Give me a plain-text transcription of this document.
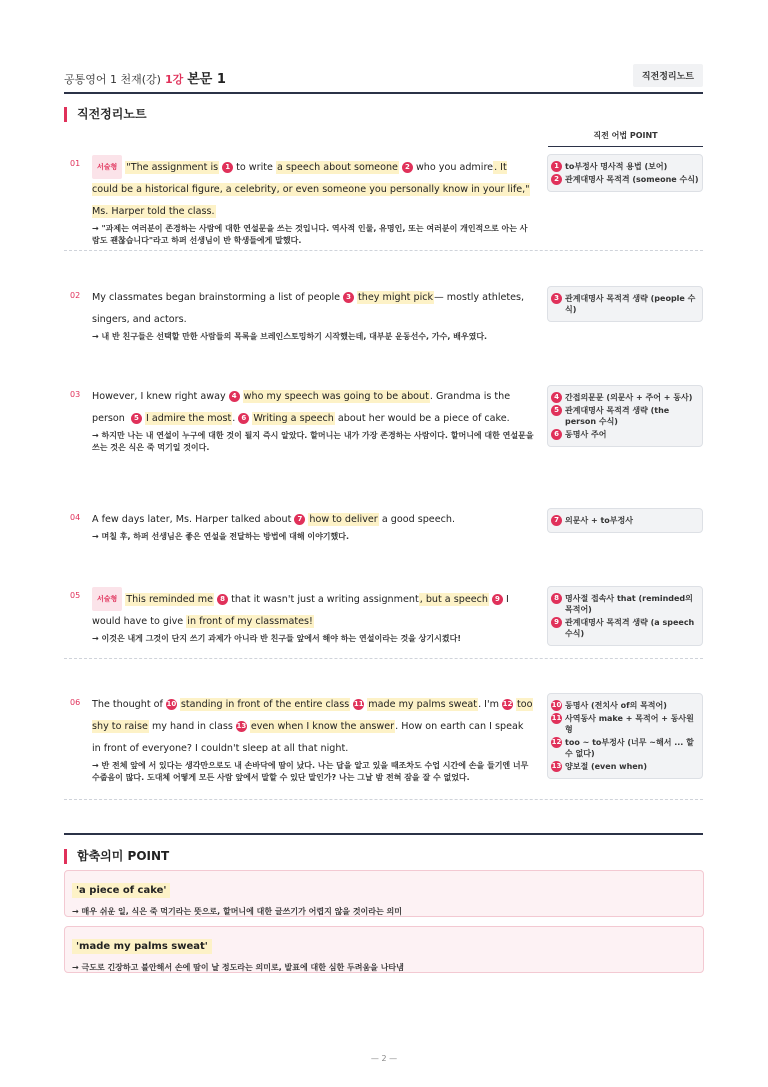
공통영어 1 천재(강) 1강 본문 1	직전정리노트
직전정리노트
직전 어법 POINT
01	서술형 "The assignment is 1 to write a speech about someone 2 who you admire. It could be a historical figure, a celebrity, or even someone you personally know in your life," Ms. Harper told the class.
→ "과제는 여러분이 존경하는 사람에 대한 연설문을 쓰는 것입니다. 역사적 인물, 유명인, 또는 여러분이 개인적으로 아는 사람도 괜찮습니다"라고 하퍼 선생님이 반 학생들에게 말했다.
1 to부정사 명사적 용법 (보어)
2 관계대명사 목적격 (someone 수식)
02 My classmates began brainstorming a list of people 3 they might pick— mostly athletes, singers, and actors.
→ 내 반 친구들은 선택할 만한 사람들의 목록을 브레인스토밍하기 시작했는데, 대부분 운동선수, 가수, 배우였다.
3 관계대명사 목적격 생략 (people 수식)
03 However, I knew right away 4 who my speech was going to be about. Grandma is the person 5 I admire the most. 6 Writing a speech about her would be a piece of cake.
→ 하지만 나는 내 연설이 누구에 대한 것이 될지 즉시 알았다. 할머니는 내가 가장 존경하는 사람이다. 할머니에 대한 연설문을 쓰는 것은 식은 죽 먹기일 것이다.
4 간접의문문 (의문사 + 주어 + 동사)
5 관계대명사 목적격 생략 (the person 수식)
6 동명사 주어
04 A few days later, Ms. Harper talked about 7 how to deliver a good speech.
→ 며칠 후, 하퍼 선생님은 좋은 연설을 전달하는 방법에 대해 이야기했다.
7 의문사 + to부정사
05	서술형 This reminded me 8 that it wasn't just a writing assignment, but a speech 9 I would have to give in front of my classmates!
→ 이것은 내게 그것이 단지 쓰기 과제가 아니라 반 친구들 앞에서 해야 하는 연설이라는 것을 상기시켰다!
8 명사절 접속사 that (reminded의 목적어)
9 관계대명사 목적격 생략 (a speech 수식)
06 The thought of 10 standing in front of the entire class 11 made my palms sweat. I'm 12 too shy to raise my hand in class 13 even when I know the answer. How on earth can I speak in front of everyone? I couldn't sleep at all that night.
→ 반 전체 앞에 서 있다는 생각만으로도 내 손바닥에 땀이 났다. 나는 답을 알고 있을 때조차도 수업 시간에 손을 들기엔 너무 수줍음이 많다. 도대체 어떻게 모든 사람 앞에서 말할 수 있단 말인가? 나는 그날 밤 전혀 잠을 잘 수 없었다.
10 동명사 (전치사 of의 목적어)
11 사역동사 make + 목적어 + 동사원형
12 too ~ to부정사 (너무 ~해서 ... 할 수 없다)
13 양보절 (even when)
함축의미 POINT
'a piece of cake'
→ 매우 쉬운 일, 식은 죽 먹기라는 뜻으로, 할머니에 대한 글쓰기가 어렵지 않을 것이라는 의미
'made my palms sweat'
→ 극도로 긴장하고 불안해서 손에 땀이 날 정도라는 의미로, 발표에 대한 심한 두려움을 나타냄
— 2 —
